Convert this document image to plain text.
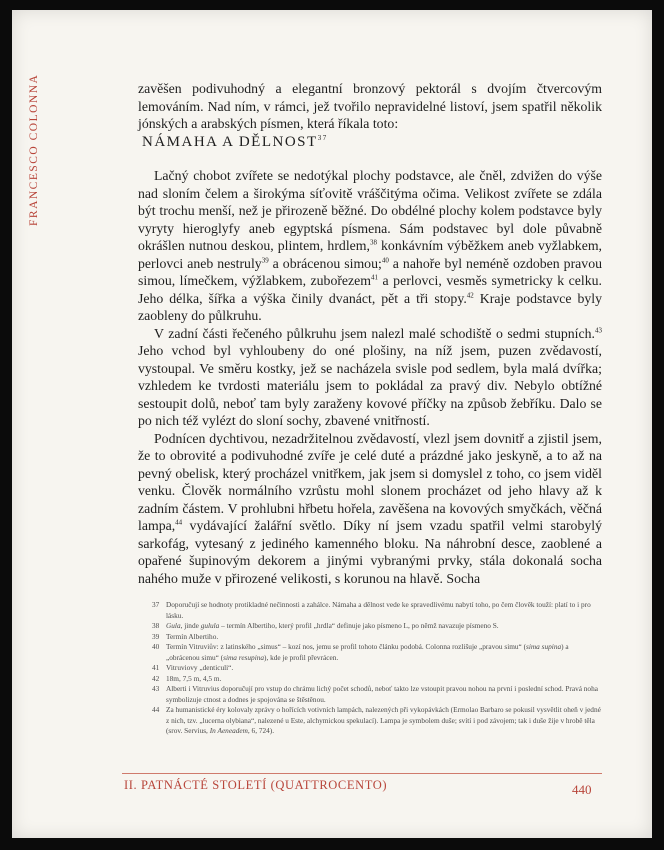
FRANCESCO COLONNA	zavěšen podivuhodný a elegantní bronzový pektorál s dvojím čtvercovým lemováním. Nad ním, v rámci, jež tvořilo nepravidelné listoví, jsem spatřil několik jónských a arabských písmen, která říkala toto:

NÁMAHA A DĚLNOST$^{37}$

Lačný chobot zvířete se nedotýkal plochy podstavce, ale čněl, zdvižen do výše nad sloním čelem a širokýma síťovitě vráščitýma očima. Velikost zvířete se zdála být trochu menší, než je přirozeně běžné. Do obdélné plochy kolem podstavce byly vyryty hieroglyfy aneb egyptská písmena. Sám podstavec byl dole půvabně okrášlen nutnou deskou, plintem, hrdlem,$^{38}$ konkávním výběžkem aneb vyžlabkem, perlovci aneb nestruly$^{39}$ a obrácenou simou;$^{40}$ a nahoře byl neméně ozdoben pravou simou, límečkem, výžlabkem, zubořezem$^{41}$ a perlovci, vesměs symetricky k celku. Jeho délka, šířka a výška činily dvanáct, pět a tři stopy.$^{42}$ Kraje podstavce byly zaobleny do půlkruhu.

V zadní části řečeného půlkruhu jsem nalezl malé schodiště o sedmi stupních.$^{43}$ Jeho vchod byl vyhloubeny do oné plošiny, na níž jsem, puzen zvědavostí, vystoupal. Ve směru kostky, jež se nacházela svisle pod sedlem, byla malá dvířka; vzhledem ke tvrdosti materiálu jsem to pokládal za pravý div. Nebylo obtížné sestoupit dolů, neboť tam byly zaraženy kovové příčky na způsob žebříku. Dalo se po nich též vylézt do sloní sochy, zbavené vnitřností.

Podnícen dychtivou, nezadržitelnou zvědavostí, vlezl jsem dovnitř a zjistil jsem, že to obrovité a podivuhodné zvíře je celé duté a prázdné jako jeskyně, a to až na pevný obelisk, který procházel vnitřkem, jak jsem si domyslel z toho, co jsem viděl venku. Člověk normálního vzrůstu mohl slonem procházet od jeho hlavy až k zadním částem. V prohlubni hřbetu hořela, zavěšena na kovových smyčkách, věčná lampa,$^{44}$ vydávající žalářní světlo. Díky ní jsem vzadu spatřil velmi starobylý sarkofág, vytesaný z jediného kamenného bloku. Na náhrobní desce, zaoblené a opařené šupinovým dekorem a jinými vybranými prvky, stála dokonalá socha nahého muže v přirozené velikosti, s korunou na hlavě. Socha

37 Doporučují se hodnoty protikladné nečinnosti a zahálce. Námaha a dělnost vede ke spravedlivému nabytí toho, po čem člověk touží: platí to i pro lásku.
38 Gula, jinde gulula – termín Albertiho, který profil „hrdla“ definuje jako písmeno L, po němž navazuje písmeno S.
39 Termín Albertiho.
40 Termín Vitruviův: z latinského „simus“ – kozí nos, jemu se profil tohoto článku podobá. Colonna rozlišuje „pravou simu“ (sima supina) a „obrácenou simu“ (sima resupina), kde je profil převrácen.
41 Vitruviovy „denticuli“.
42 18m, 7,5 m, 4,5 m.
43 Alberti i Vitruvius doporučují pro vstup do chrámu lichý počet schodů, neboť takto lze vstoupit pravou nohou na první i poslední schod. Pravá noha symbolizuje ctnost a dodnes je spojována se štěstěnou.
44 Za humanistické éry kolovaly zprávy o hořících votivních lampách, nalezených při vykopávkách (Ermolao Barbaro se pokusil vysvětlit oheň v jedné z nich, tzv. „lucerna olybiana“, nalezené u Este, alchymickou spekulací). Lampa je symbolem duše; svítí i pod závojem; tak i duše žije v hrobě těla (srov. Servius, In Aeneadem, 6, 724).
II. PATNÁCTÉ STOLETÍ (QUATTROCENTO)	440
